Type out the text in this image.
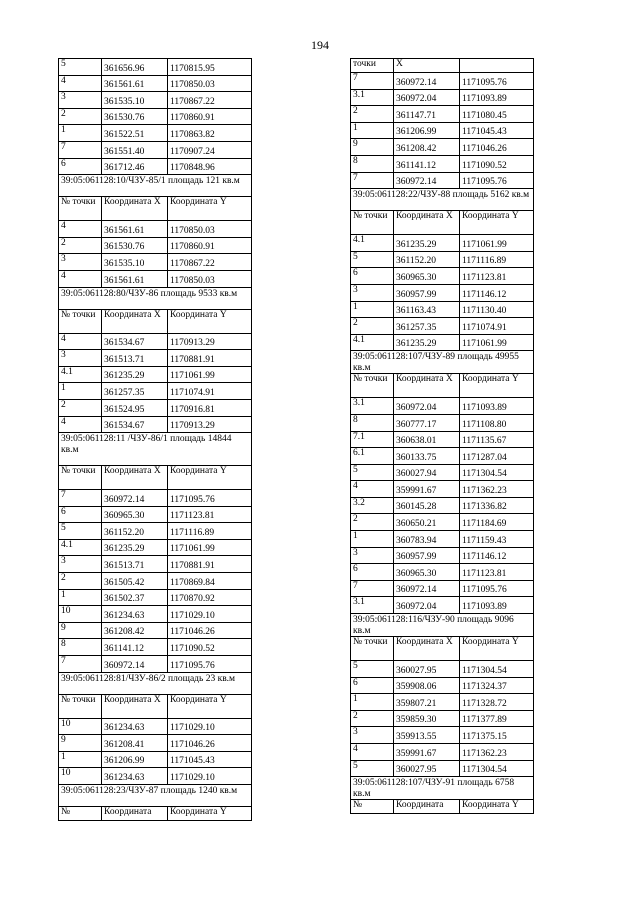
194
5	361656.96	1170815.95
4	361561.61	1170850.03
3	361535.10	1170867.22
2	361530.76	1170860.91
1	361522.51	1170863.82
7	361551.40	1170907.24
6	361712.46	1170848.96
39:05:061128:10/ЧЗУ-85/1 площадь 121 кв.м		
№ точки	Координата X	Координата Y
4	361561.61	1170850.03
2	361530.76	1170860.91
3	361535.10	1170867.22
4	361561.61	1170850.03
39:05:061128:80/ЧЗУ-86 площадь 9533 кв.м		
№ точки	Координата X	Координата Y
4	361534.67	1170913.29
3	361513.71	1170881.91
4.1	361235.29	1171061.99
1	361257.35	1171074.91
2	361524.95	1170916.81
4	361534.67	1170913.29
39:05:061128:11 /ЧЗУ-86/1 площадь 14844 кв.м		
№ точки	Координата X	Координата Y
7	360972.14	1171095.76
6	360965.30	1171123.81
5	361152.20	1171116.89
4.1	361235.29	1171061.99
3	361513.71	1170881.91
2	361505.42	1170869.84
1	361502.37	1170870.92
10	361234.63	1171029.10
9	361208.42	1171046.26
8	361141.12	1171090.52
7	360972.14	1171095.76
39:05:061128:81/ЧЗУ-86/2 площадь 23 кв.м		
№ точки	Координата X	Координата Y
10	361234.63	1171029.10
9	361208.41	1171046.26
1	361206.99	1171045.43
10	361234.63	1171029.10
39:05:061128:23/ЧЗУ-87 площадь 1240 кв.м		
№	Координата	Координата Y
точки	X	
7	360972.14	1171095.76
3.1	360972.04	1171093.89
2	361147.71	1171080.45
1	361206.99	1171045.43
9	361208.42	1171046.26
8	361141.12	1171090.52
7	360972.14	1171095.76
39:05:061128:22/ЧЗУ-88 площадь 5162 кв.м		
№ точки	Координата X	Координата Y
4.1	361235.29	1171061.99
5	361152.20	1171116.89
6	360965.30	1171123.81
3	360957.99	1171146.12
1	361163.43	1171130.40
2	361257.35	1171074.91
4.1	361235.29	1171061.99
39:05:061128:107/ЧЗУ-89 площадь 49955 кв.м		
№ точки	Координата X	Координата Y
3.1	360972.04	1171093.89
8	360777.17	1171108.80
7.1	360638.01	1171135.67
6.1	360133.75	1171287.04
5	360027.94	1171304.54
4	359991.67	1171362.23
3.2	360145.28	1171336.82
2	360650.21	1171184.69
1	360783.94	1171159.43
3	360957.99	1171146.12
6	360965.30	1171123.81
7	360972.14	1171095.76
3.1	360972.04	1171093.89
39:05:061128:116/ЧЗУ-90 площадь 9096 кв.м		
№ точки	Координата X	Координата Y
5	360027.95	1171304.54
6	359908.06	1171324.37
1	359807.21	1171328.72
2	359859.30	1171377.89
3	359913.55	1171375.15
4	359991.67	1171362.23
5	360027.95	1171304.54
39:05:061128:107/ЧЗУ-91 площадь 6758 кв.м		
№	Координата	Координата Y
